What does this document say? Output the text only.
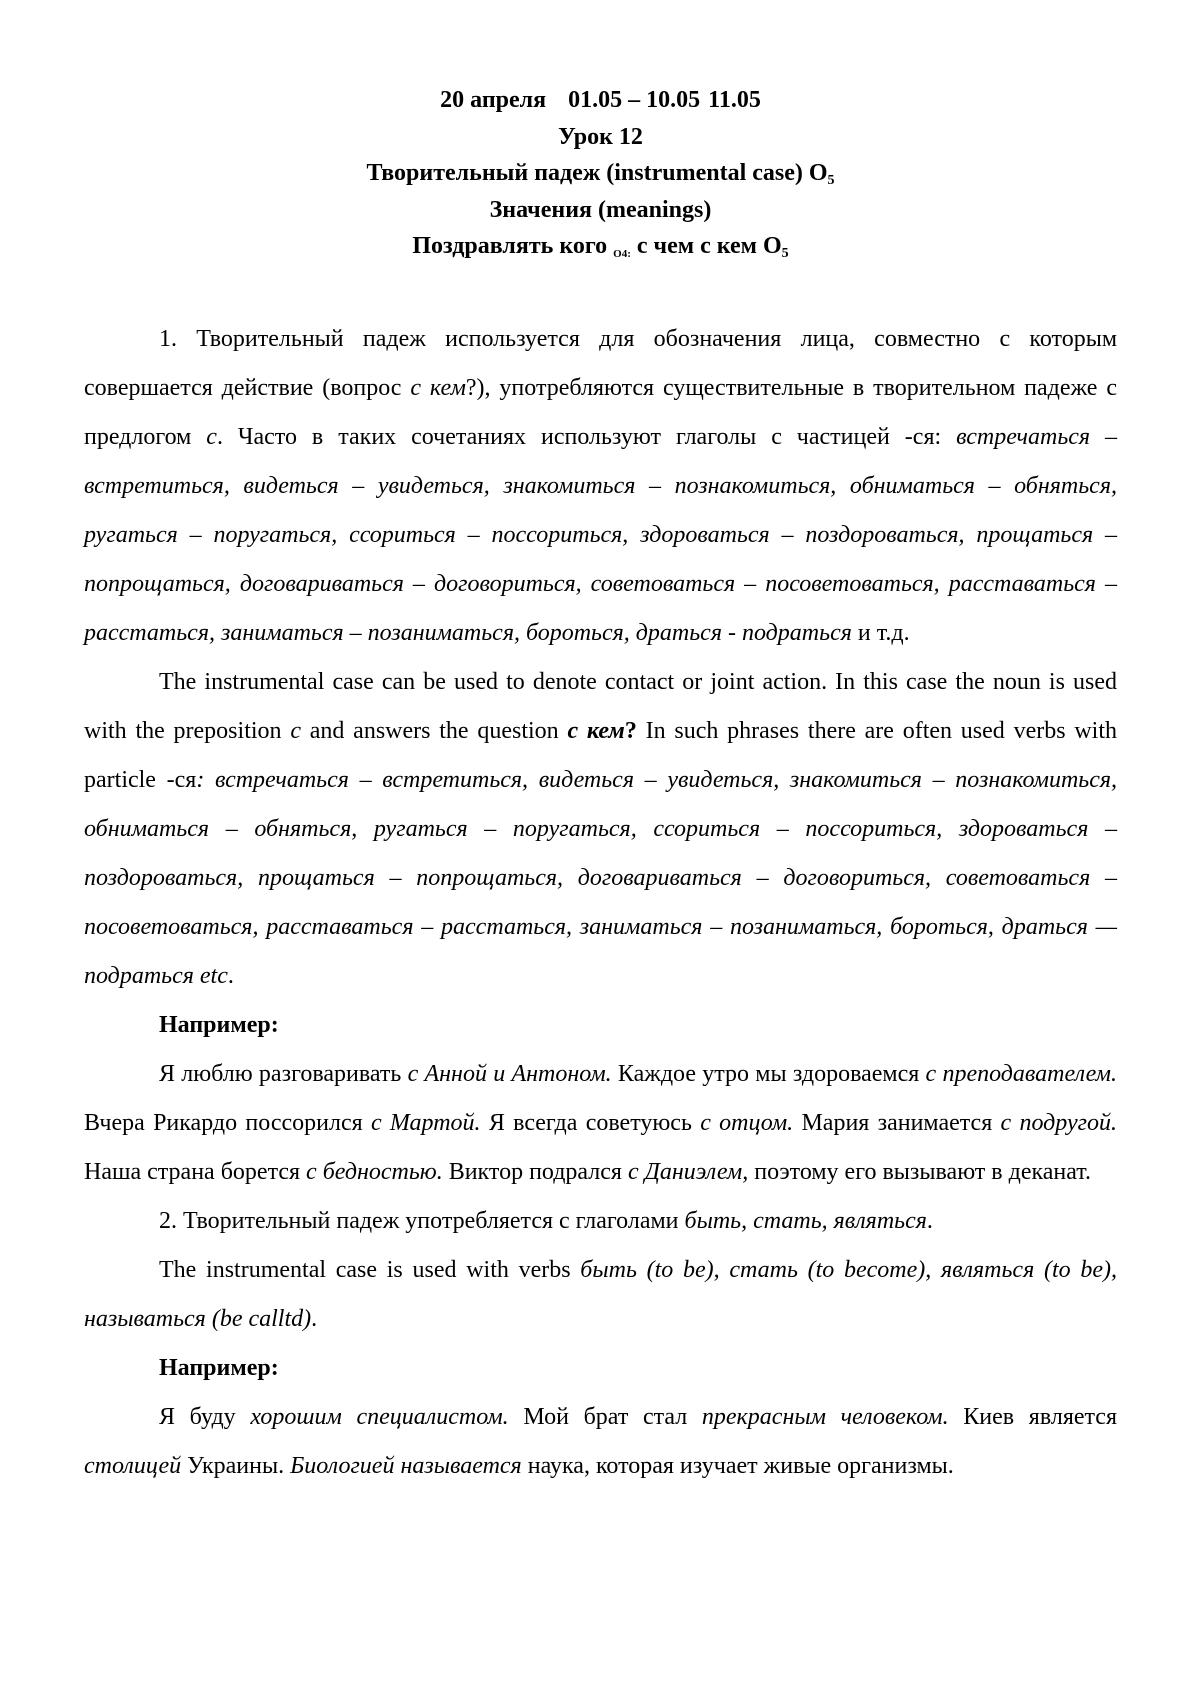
20 апреля 01.05 – 10.05 11.05
Урок 12
Творительный падеж (instrumental case) $О_5$
Значения (meanings)
Поздравлять кого О4: с чем с кем $О_5$

1. Творительный падеж используется для обозначения лица, совместно с которым совершается действие (вопрос с кем?), употребляются существительные в творительном падеже с предлогом с. Часто в таких сочетаниях используют глаголы с частицей -ся: встречаться – встретиться, видеться – увидеться, знакомиться – познакомиться, обниматься – обняться, ругаться – поругаться, ссориться – поссориться, здороваться – поздороваться, прощаться – попрощаться, договариваться – договориться, советоваться – посоветоваться, расставаться – расстаться, заниматься – позаниматься, бороться, драться - подраться и т.д.

The instrumental case can be used to denote contact or joint action. In this case the noun is used with the preposition с and answers the question с кем? In such phrases there are often used verbs with particle -ся: встречаться – встретиться, видеться – увидеться, знакомиться – познакомиться, обниматься – обняться, ругаться – поругаться, ссориться – поссориться, здороваться – поздороваться, прощаться – попрощаться, договариваться – договориться, советоваться – посоветоваться, расставаться – расстаться, заниматься – позаниматься, бороться, драться — подраться etc.

Например:

Я люблю разговаривать с Анной и Антоном. Каждое утро мы здороваемся с преподавателем. Вчера Рикардо поссорился с Мартой. Я всегда советуюсь с отцом. Мария занимается с подругой. Наша страна борется с бедностью. Виктор подрался с Даниэлем, поэтому его вызывают в деканат.

2. Творительный падеж употребляется с глаголами быть, стать, являться.

The instrumental case is used with verbs быть (to be), стать (to become), являться (to be), называться (be calltd).

Например:

Я буду хорошим специалистом. Мой брат стал прекрасным человеком. Киев является столицей Украины. Биологией называется наука, которая изучает живые организмы.
